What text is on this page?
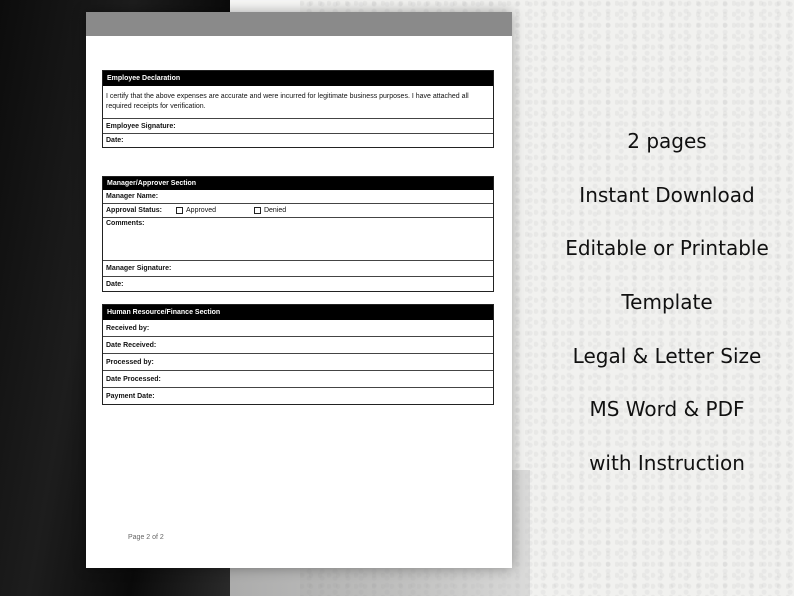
Employee Declaration
I certify that the above expenses are accurate and were incurred for legitimate business purposes. I have attached all required receipts for verification.
Employee Signature:
Date:
Manager/Approver Section
Manager Name:
Approval Status:	Approved	Denied
Comments:
Manager Signature:
Date:
Human Resource/Finance Section
Received by:
Date Received:
Processed by:
Date Processed:
Payment Date:
Page 2 of 2
2 pages
Instant Download
Editable or Printable
Template
Legal & Letter Size
MS Word & PDF
with Instruction
